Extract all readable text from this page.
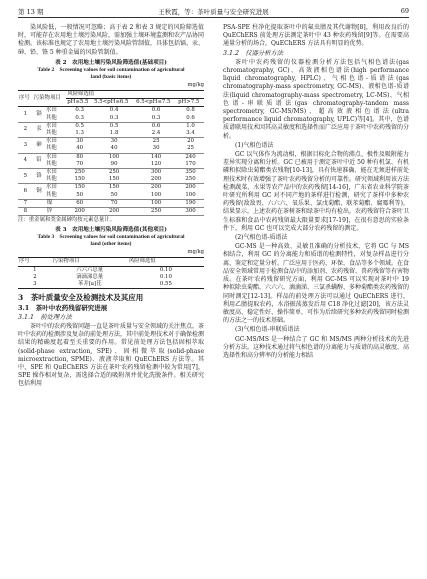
第 13 期	王秋霞，等：茶叶质量与安全研究进展	69

染风险低，一般情况可忽略；高于表 2 和表 3 规定的风险筛选值时，可能存在农用地土壤污染风险，需加强土壤环境监测和农产品协同检测。该标准也规定了农用地土壤污染风险管制值，具体包括镉、汞、砷、铅、铬 5 种重金属的风险管制值。

表 2　农用地土壤污染风险筛选值(基础项目)
Table 2　Screening values for soil contamination of agricultural
land (basic items)
mg/kg
序号	污染物项目		风险筛选值			
			pH≤5.5	5.5<pH≤6.5	6.5<pH≤7.5	pH>7.5
1	镉	水田	0.3	0.4	0.6	0.8
		其他	0.3	0.3	0.3	0.6
2	汞	水田	0.5	0.5	0.6	1.0
		其他	1.3	1.8	2.4	3.4
3	砷	水田	30	30	25	20
		其他	40	40	30	25
4	铅	水田	80	100	140	240
		其他	70	90	120	170
5	铬	水田	250	250	300	350
		其他	150	150	200	250
6	铜	水田	150	150	200	200
		其他	50	50	100	100
7	镍		60	70	100	190
8	锌		200	200	250	300
注：重金属和类金属砷均按元素总量计。
表 3　农用地土壤污染风险筛选值(其他项目)
Table 3　Screening values for soil contamination of agricultural
land (other items)
mg/kg
序号	污染物项目	风险筛选值
1	六六六总量	0.10
2	滴滴涕总量	0.10
3	苯并[a]芘	0.55
3　茶叶质量安全及检测技术及其应用
3.1　茶叶中农药残留研究进展
3.1.1　前处理方法

茶叶中的农药残留问题一直是茶叶质量与安全领域的关注焦点。茶叶中农药的检测涉及复杂的前处理方法，其中前处理技术对于确保检测结果的精确度起着至关重要的作用。常见前处理方法包括固相萃取(solid-phase extraction, SPE)、固相微萃取(solid-phase microextraction, SPME)、液液萃取和 QuEChERS 方法等。其中，SPE 和 QuEChERS 方法在茶叶农药残留检测中较为常用[7]，SPE 操作相对复杂，需选择合适的吸附剂并优化洗脱条件。相关研究包括利用

PSA-SPE 柱净化提取茶叶中的氟虫腈及其代谢物[8]，利用改良后的 QuEChERS 前处理方法测定茶叶中 43 种农药残留[9]等。在需要高通量分析的场合，QuEChERS 方法具有明显的优势。

3.1.2　仪器分析方法

茶叶中农药残留的仪器检测分析方法包括气相色谱法(gas chromatography, GC)、高效液相色谱法(high performance liquid chromatography, HPLC)、气相色谱-质谱法(gas chromatography-mass spectrometry, GC-MS)、液相色谱-质谱法(liquid chromatography-mass spectrometry, LC-MS)、气相色谱-串联质谱法(gas chromatography-tandem mass spectrometry, GC-MS/MS)、超高效液相色谱法(ultra performance liquid chromatography, UPLC)等[4]。其中，色谱质谱联用技术因其高灵敏度和选择性而广泛应用于茶叶中农药残留的分析。

(1)气相色谱法

GC 以气体作为流动相，根据目标化合物的沸点、极性及吸附能力差异实现分离和分析。GC 已被用于测定茶叶中近 50 种有机氯、有机磷和拟除虫菊酯类农残物[10-13]，具有快速准确、能在无须进样前处理技术时有效增强了茶叶农药残留分析的可靠性。研究领域利用该方法检测蔬菜、水果等农产品中的农药残留[14-16]，广东省农业科学院茶叶研究所利用 GC 对不同产地的茶样进行检测，研究了茶样中多种农药残留(敌敌畏、六六六、氧乐果、氯戊菊酯、联苯菊酯、腐霉利等)，结果显示，上述农药在茶树茶和绿茶中均有检出，农药残留符合茶叶卫生标准和食品中农药残留最大限量要求[17-19]，在很有意思的实验条件下，利用 GC 也可以完成大部分农药残留的测定。

(2)气相色谱-质谱法

GC-MS 是一种高效、灵敏且准确的分析技术，它将 GC 与 MS 相结合，利用 GC 的分离能力和质谱的检测特性，对复杂样品进行分离、鉴定和定量分析。广泛应用于医药、环保、食品等多个领域。在食品安全领域常用于检测食品中的添加剂、农药残留、兽药残留等有害物质。在茶叶农药残留研究方面，利用 GC-MS 可以实现对茶叶中 19 种拟除虫菊酯、六六六、滴滴涕、三氯杀螨醇、多种菊酯类农药残留的同时测定[12-13]。样品的前处理方法可以通过 QuEChERS 进行，利用乙腈提取农药，水浴振荡蒸发后用 C18 净化过滤[20]，该方法灵敏度高、稳定性好、操作简单，可作为后续研究多种农药残留同时检测的方法之一的技术基础。

(3)气相色谱-串联质谱法

GC-MS/MS 是一种结合了 GC 和 MS/MS 两种分析技术的先进分析方法。这种技术通过将气相色谱的分离能力与质谱的高灵敏度、高选择性和高分辨率的分析能力相结
